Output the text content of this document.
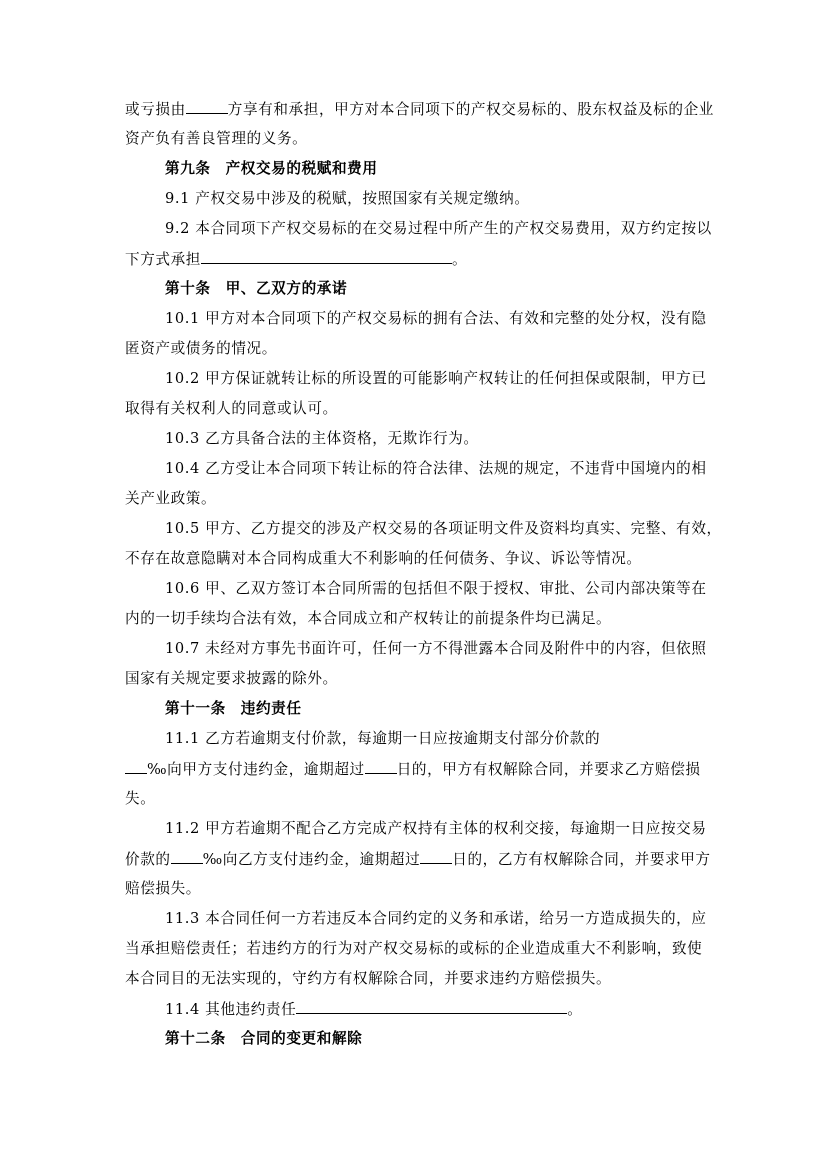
或亏损由	方享有和承担，甲方对本合同项下的产权交易标的、股东权益及标的企业
资产负有善良管理的义务。
第九条 产权交易的税赋和费用
9.1 产权交易中涉及的税赋，按照国家有关规定缴纳。
9.2 本合同项下产权交易标的在交易过程中所产生的产权交易费用，双方约定按以
下方式承担	。
第十条 甲、乙双方的承诺
10.1 甲方对本合同项下的产权交易标的拥有合法、有效和完整的处分权，没有隐
匿资产或债务的情况。
10.2 甲方保证就转让标的所设置的可能影响产权转让的任何担保或限制，甲方已
取得有关权利人的同意或认可。
10.3 乙方具备合法的主体资格，无欺诈行为。
10.4 乙方受让本合同项下转让标的符合法律、法规的规定，不违背中国境内的相
关产业政策。
10.5 甲方、乙方提交的涉及产权交易的各项证明文件及资料均真实、完整、有效，
不存在故意隐瞒对本合同构成重大不利影响的任何债务、争议、诉讼等情况。
10.6 甲、乙双方签订本合同所需的包括但不限于授权、审批、公司内部决策等在
内的一切手续均合法有效，本合同成立和产权转让的前提条件均已满足。
10.7 未经对方事先书面许可，任何一方不得泄露本合同及附件中的内容，但依照
国家有关规定要求披露的除外。
第十一条 违约责任
11.1 乙方若逾期支付价款，每逾期一日应按逾期支付部分价款的
‰向甲方支付违约金，逾期超过 日的，甲方有权解除合同，并要求乙方赔偿损
失。
11.2 甲方若逾期不配合乙方完成产权持有主体的权利交接，每逾期一日应按交易
价款的 ‰向乙方支付违约金，逾期超过 日的，乙方有权解除合同，并要求甲方
赔偿损失。
11.3 本合同任何一方若违反本合同约定的义务和承诺，给另一方造成损失的，应
当承担赔偿责任；若违约方的行为对产权交易标的或标的企业造成重大不利影响，致使
本合同目的无法实现的，守约方有权解除合同，并要求违约方赔偿损失。
11.4 其他违约责任	。
第十二条 合同的变更和解除
